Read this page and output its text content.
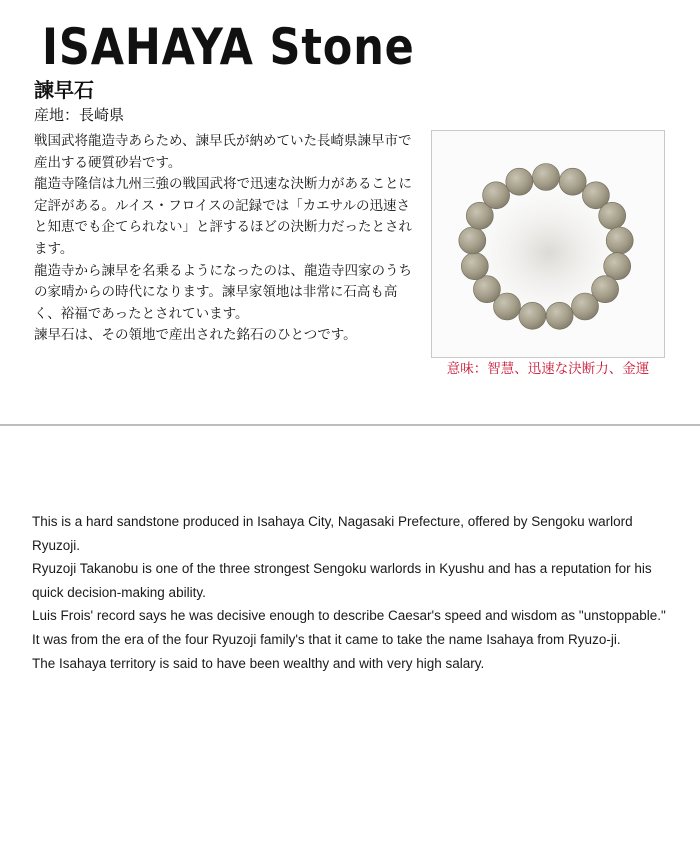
ISAHAYA Stone
諫早石
産地：長崎県

戦国武将龍造寺あらため、諫早氏が納めていた長崎県諫早市で産出する硬質砂岩です。

龍造寺隆信は九州三強の戦国武将で迅速な決断力があることに定評がある。ルイス・フロイスの記録では「カエサルの迅速さと知恵でも企てられない」と評するほどの決断力だったとされます。

龍造寺から諫早を名乗るようになったのは、龍造寺四家のうちの家晴からの時代になります。諫早家領地は非常に石高も高く、裕福であったとされています。

諫早石は、その領地で産出された銘石のひとつです。

意味：智慧、迅速な決断力、金運

This is a hard sandstone produced in Isahaya City, Nagasaki Prefecture, offered by Sengoku warlord Ryuzoji.

Ryuzoji Takanobu is one of the three strongest Sengoku warlords in Kyushu and has a reputation for his quick decision-making ability.

Luis Frois' record says he was decisive enough to describe Caesar's speed and wisdom as "unstoppable."

It was from the era of the four Ryuzoji family's that it came to take the name Isahaya from Ryuzo-ji.

The Isahaya territory is said to have been wealthy and with very high salary.
